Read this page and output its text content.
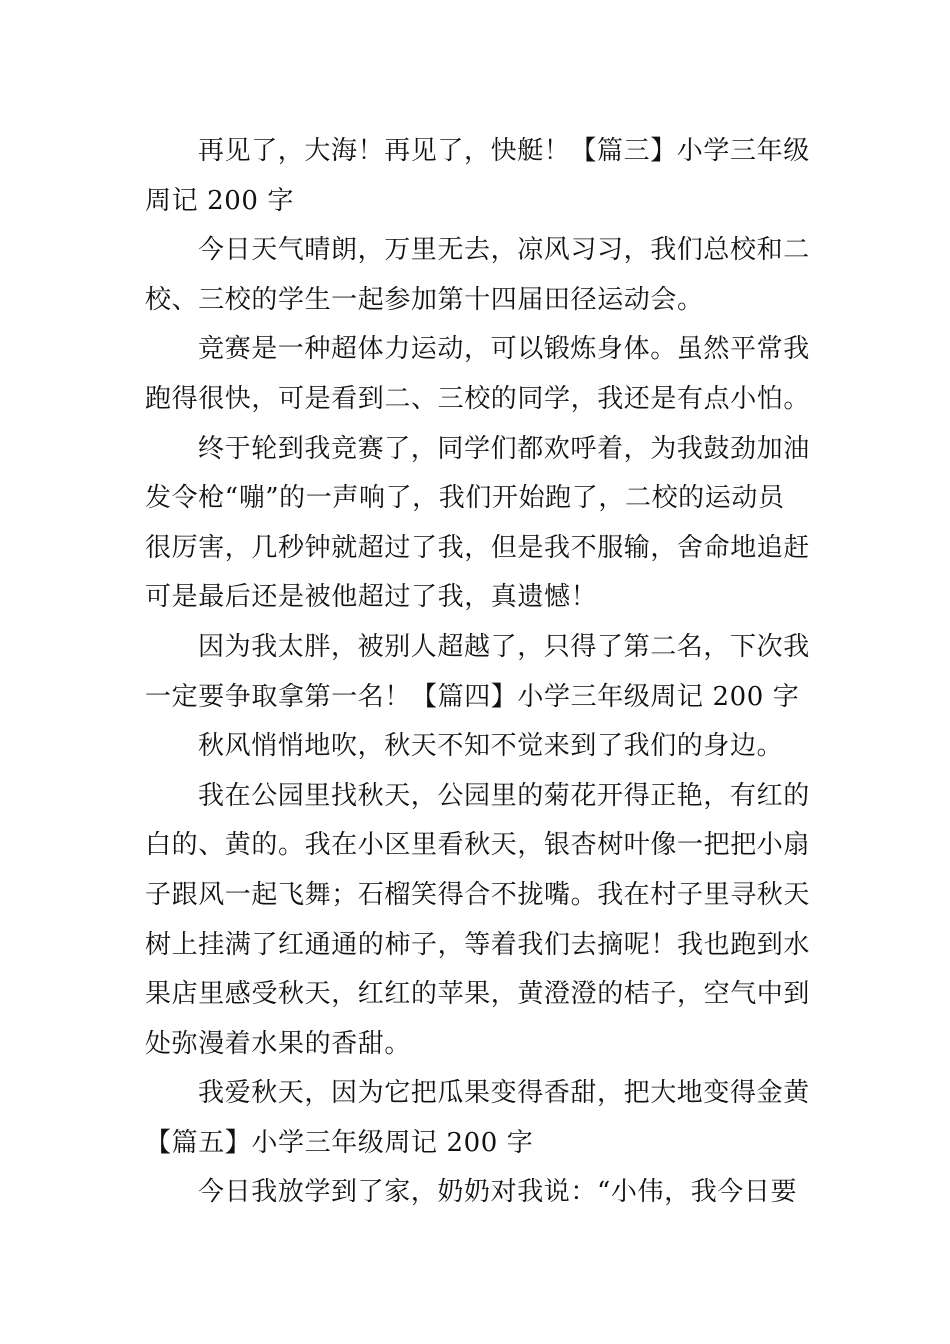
再见了，大海！再见了，快艇！【篇三】小学三年级
周记 200 字
今日天气晴朗，万里无去，凉风习习，我们总校和二
校、三校的学生一起参加第十四届田径运动会。
竞赛是一种超体力运动，可以锻炼身体。虽然平常我
跑得很快，可是看到二、三校的同学，我还是有点小怕。
终于轮到我竞赛了，同学们都欢呼着，为我鼓劲加油
发令枪“嘣”的一声响了，我们开始跑了，二校的运动员
很厉害，几秒钟就超过了我，但是我不服输，舍命地追赶
可是最后还是被他超过了我，真遗憾！
因为我太胖，被别人超越了，只得了第二名，下次我
一定要争取拿第一名！【篇四】小学三年级周记 200 字
秋风悄悄地吹，秋天不知不觉来到了我们的身边。
我在公园里找秋天，公园里的菊花开得正艳，有红的
白的、黄的。我在小区里看秋天，银杏树叶像一把把小扇
子跟风一起飞舞；石榴笑得合不拢嘴。我在村子里寻秋天
树上挂满了红通通的柿子，等着我们去摘呢！我也跑到水
果店里感受秋天，红红的苹果，黄澄澄的桔子，空气中到
处弥漫着水果的香甜。
我爱秋天，因为它把瓜果变得香甜，把大地变得金黄
【篇五】小学三年级周记 200 字
今日我放学到了家，奶奶对我说：“小伟，我今日要
